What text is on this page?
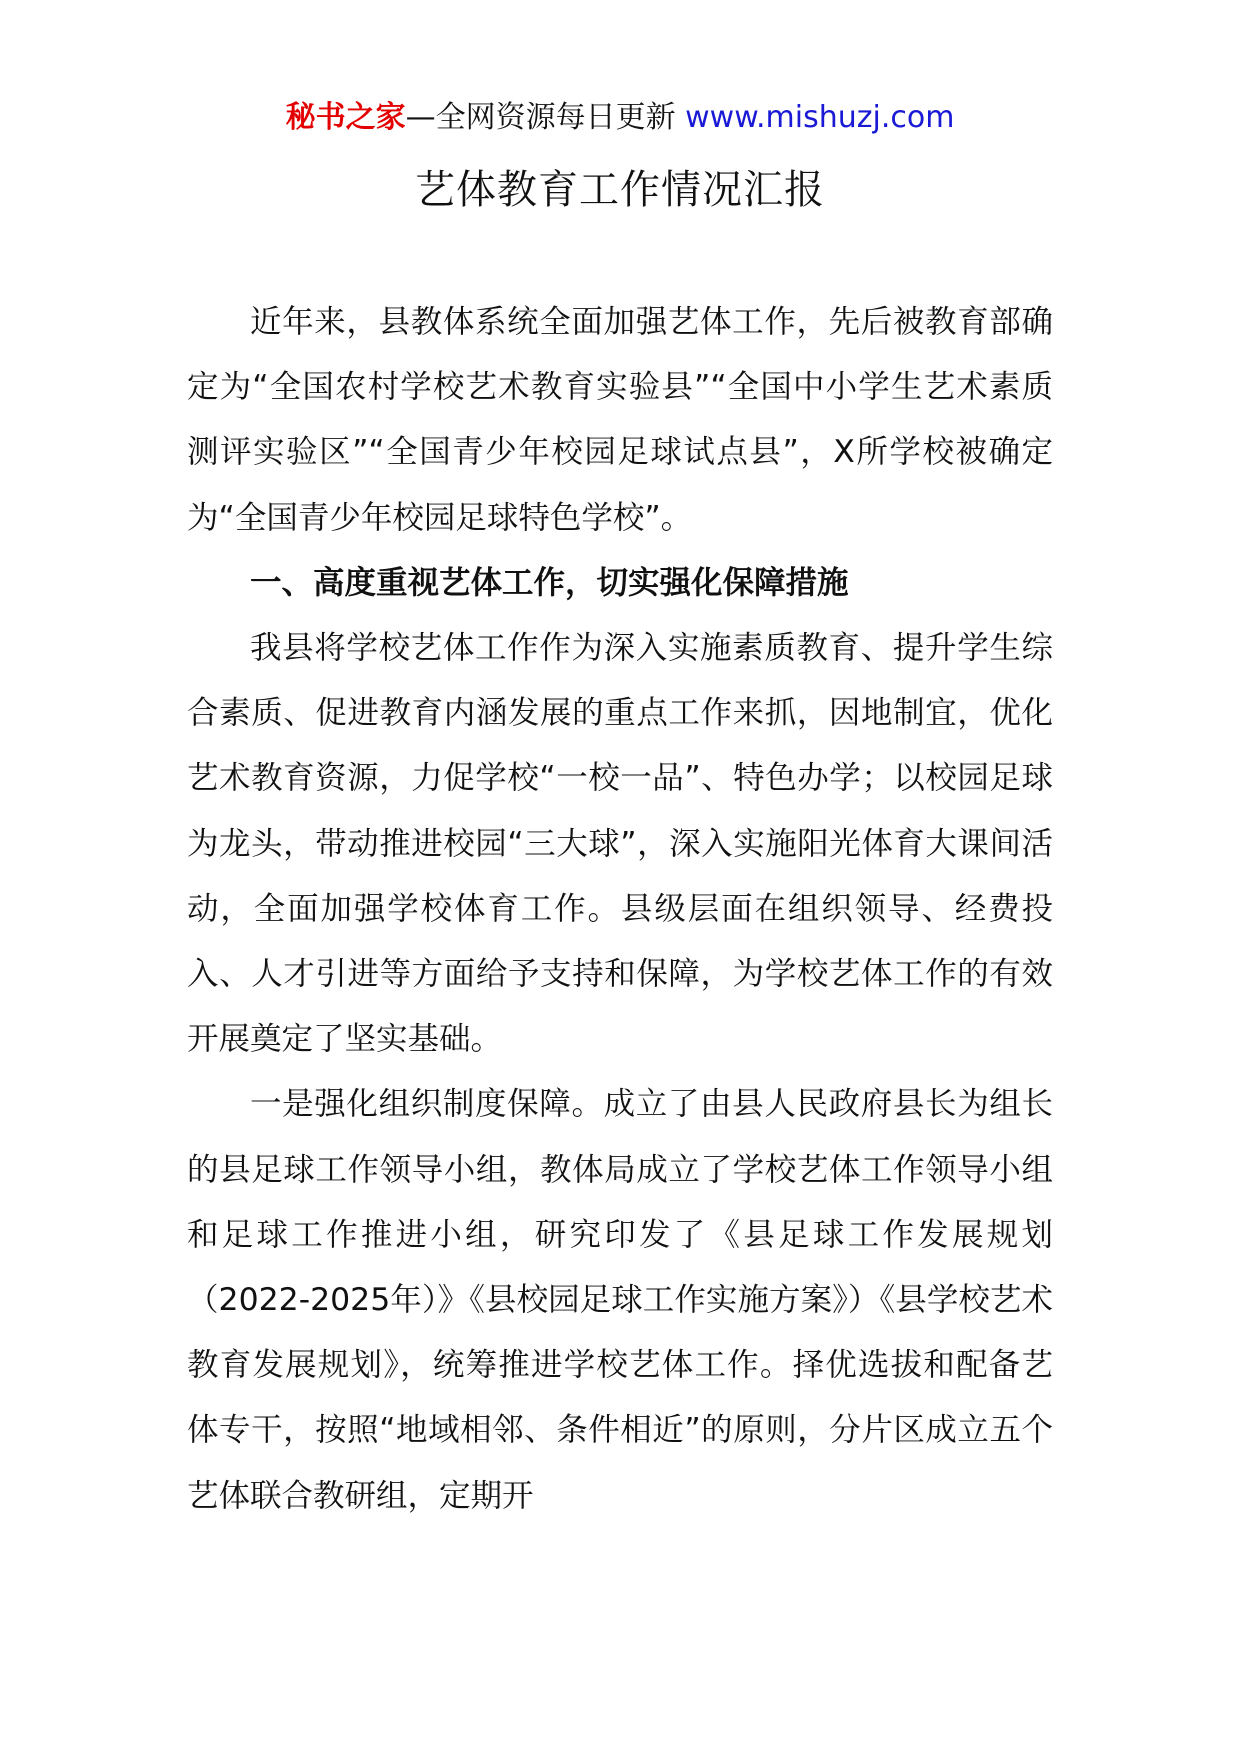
秘书之家—全网资源每日更新 www.mishuzj.com
艺体教育工作情况汇报

近年来，县教体系统全面加强艺体工作，先后被教育部确定为“全国农村学校艺术教育实验县”“全国中小学生艺术素质测评实验区”“全国青少年校园足球试点县”，X所学校被确定为“全国青少年校园足球特色学校”。

一、高度重视艺体工作，切实强化保障措施

我县将学校艺体工作作为深入实施素质教育、提升学生综合素质、促进教育内涵发展的重点工作来抓，因地制宜，优化艺术教育资源，力促学校“一校一品”、特色办学；以校园足球为龙头，带动推进校园“三大球”，深入实施阳光体育大课间活动，全面加强学校体育工作。县级层面在组织领导、经费投入、人才引进等方面给予支持和保障，为学校艺体工作的有效开展奠定了坚实基础。

一是强化组织制度保障。成立了由县人民政府县长为组长的县足球工作领导小组，教体局成立了学校艺体工作领导小组和足球工作推进小组，研究印发了《县足球工作发展规划（2022-2025年）》《县校园足球工作实施方案》）《县学校艺术教育发展规划》，统筹推进学校艺体工作。择优选拔和配备艺体专干，按照“地域相邻、条件相近”的原则，分片区成立五个艺体联合教研组，定期开
